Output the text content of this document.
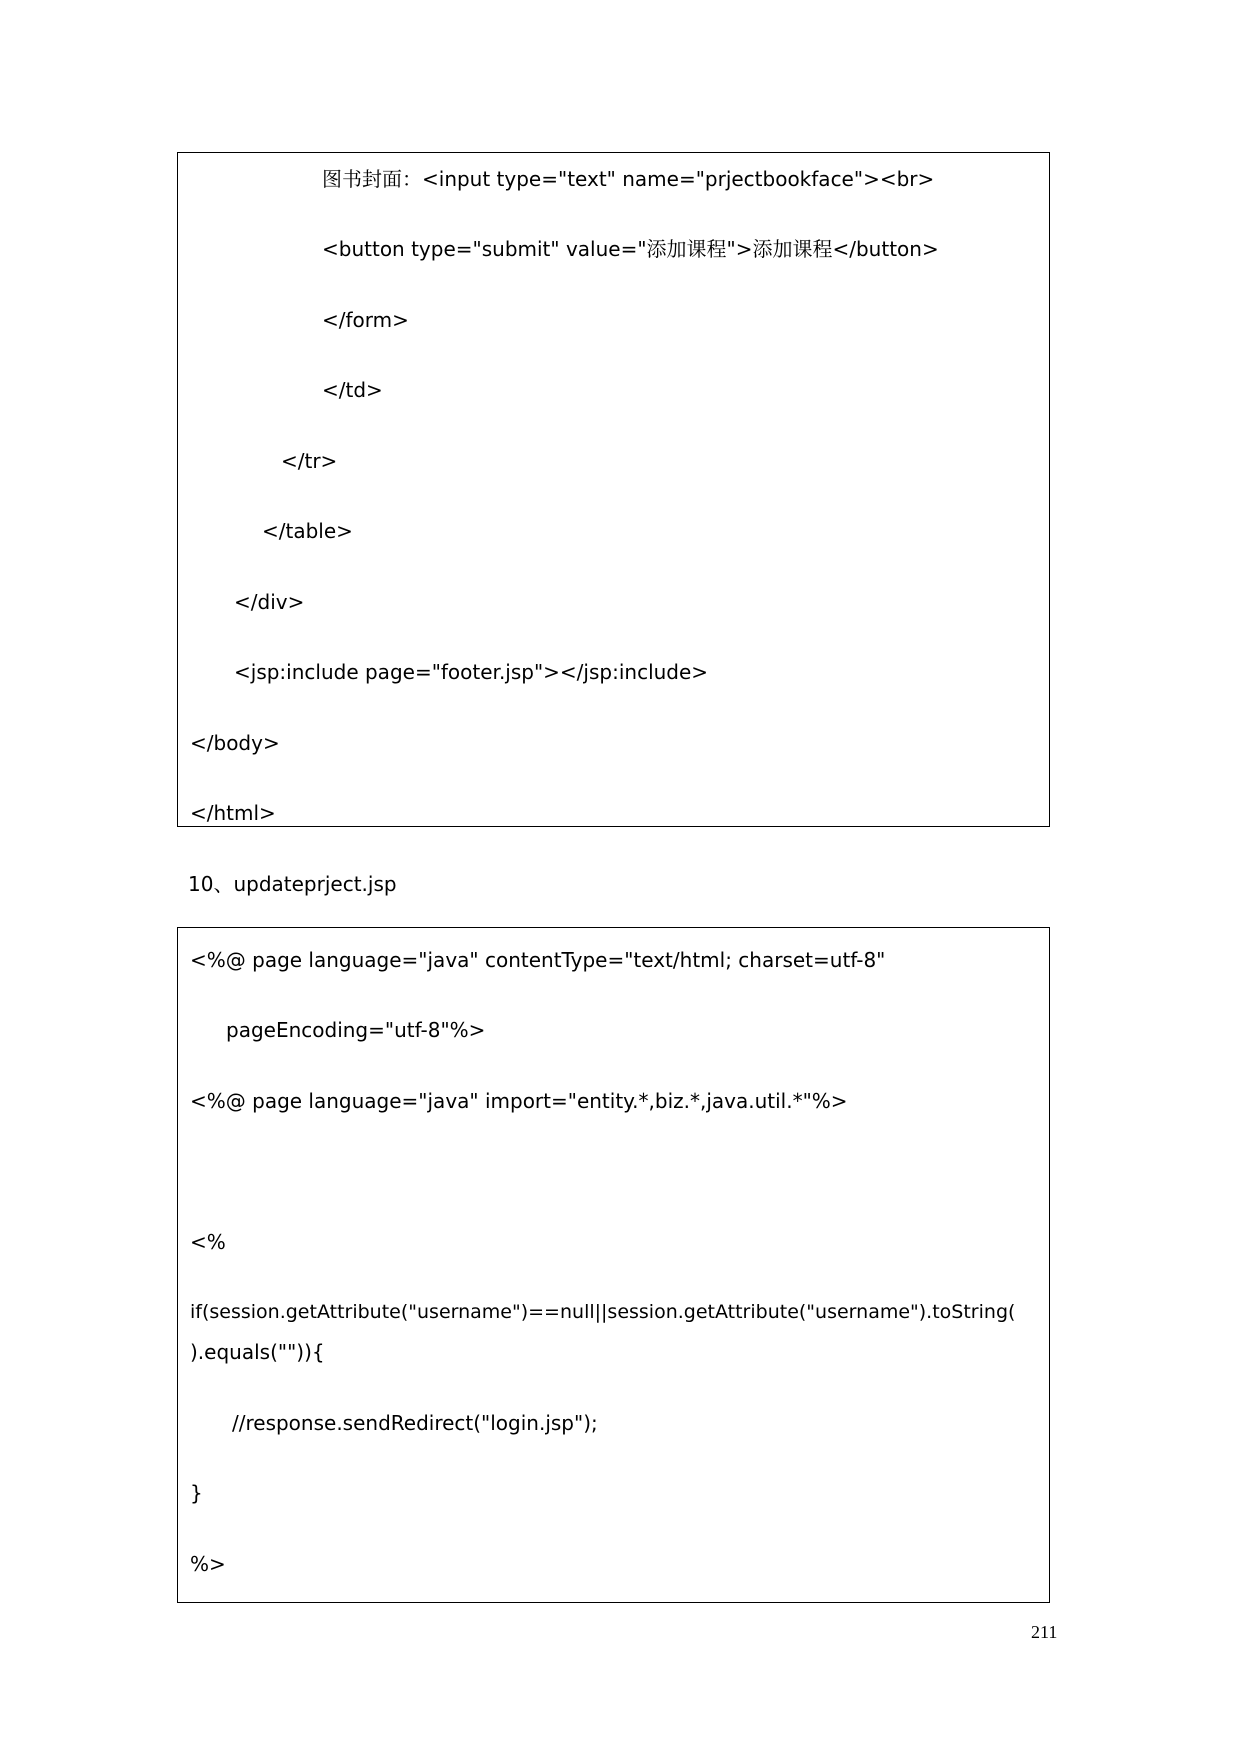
图书封面：<input type="text" name="prjectbookface"><br>
<button type="submit" value="添加课程">添加课程</button>
</form>
</td>
</tr>
</table>
</div>
<jsp:include page="footer.jsp"></jsp:include>
</body>
</html>
10、updateprject.jsp
<%@ page language="java" contentType="text/html; charset=utf-8"
pageEncoding="utf-8"%>
<%@ page language="java" import="entity.*,biz.*,java.util.*"%>
<%
if(session.getAttribute("username")==null||session.getAttribute("username").toString(
).equals("")){
//response.sendRedirect("login.jsp");
}
%>
211
